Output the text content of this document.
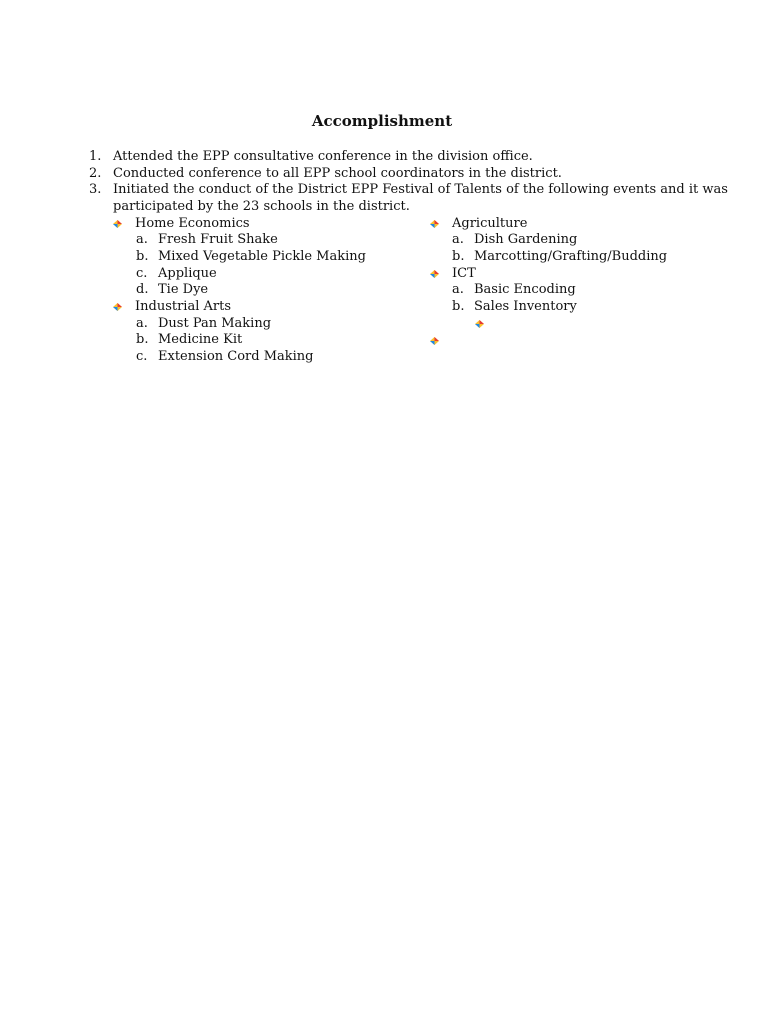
Accomplishment
1. Attended the EPP consultative conference in the division office.
2. Conducted conference to all EPP school coordinators in the district.
3. Initiated the conduct of the District EPP Festival of Talents of the following events and it was
participated by the 23 schools in the district.
Home Economics
a. Fresh Fruit Shake
b. Mixed Vegetable Pickle Making
c. Applique
d. Tie Dye
Industrial Arts
a. Dust Pan Making
b. Medicine Kit
c. Extension Cord Making
Agriculture
a. Dish Gardening
b. Marcotting/Grafting/Budding
ICT
a. Basic Encoding
b. Sales Inventory
